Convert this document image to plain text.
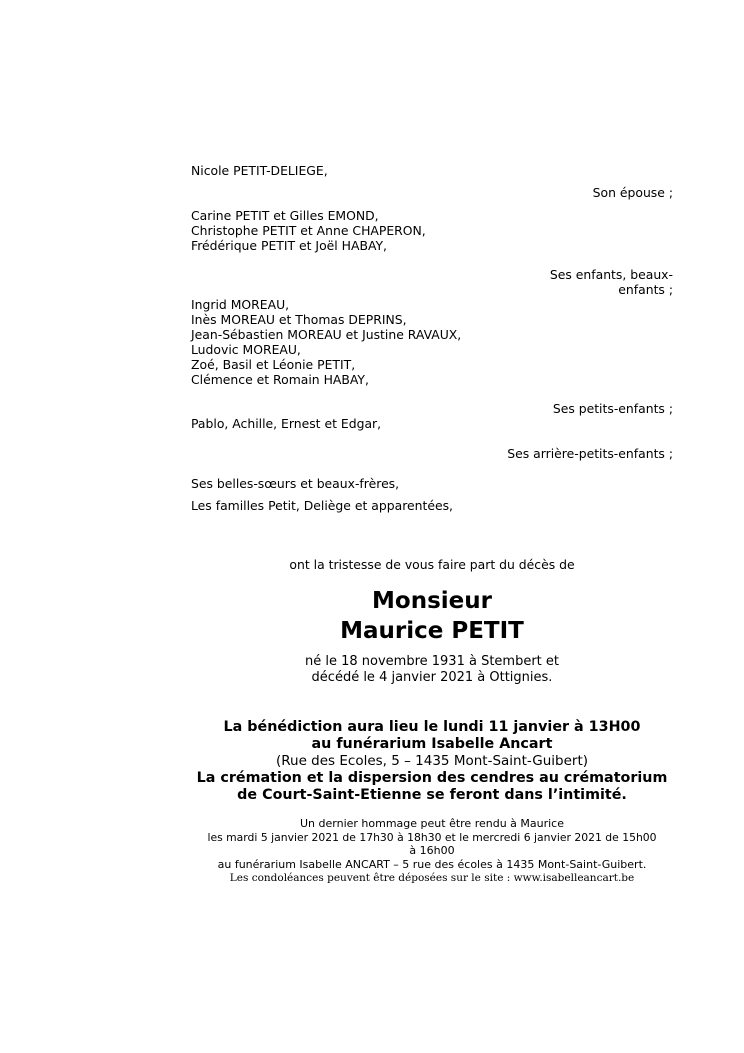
Nicole PETIT-DELIEGE,
Son épouse ;
Carine PETIT et Gilles EMOND,
Christophe PETIT et Anne CHAPERON,
Frédérique PETIT et Joël HABAY,
Ses enfants, beaux-
enfants ;
Ingrid MOREAU,
Inès MOREAU et Thomas DEPRINS,
Jean-Sébastien MOREAU et Justine RAVAUX,
Ludovic MOREAU,
Zoé, Basil et Léonie PETIT,
Clémence et Romain HABAY,
Ses petits-enfants ;
Pablo, Achille, Ernest et Edgar,
Ses arrière-petits-enfants ;
Ses belles-sœurs et beaux-frères,
Les familles Petit, Deliège et apparentées,
ont la tristesse de vous faire part du décès de
Monsieur
Maurice PETIT
né le 18 novembre 1931 à Stembert et
décédé le 4 janvier 2021 à Ottignies.
La bénédiction aura lieu le lundi 11 janvier à 13H00
au funérarium Isabelle Ancart
(Rue des Ecoles, 5 – 1435 Mont-Saint-Guibert)
La crémation et la dispersion des cendres au crématorium
de Court-Saint-Etienne se feront dans l’intimité.
Un dernier hommage peut être rendu à Maurice
les mardi 5 janvier 2021 de 17h30 à 18h30 et le mercredi 6 janvier 2021 de 15h00
à 16h00
au funérarium Isabelle ANCART – 5 rue des écoles à 1435 Mont-Saint-Guibert.
Les condoléances peuvent être déposées sur le site : www.isabelleancart.be
